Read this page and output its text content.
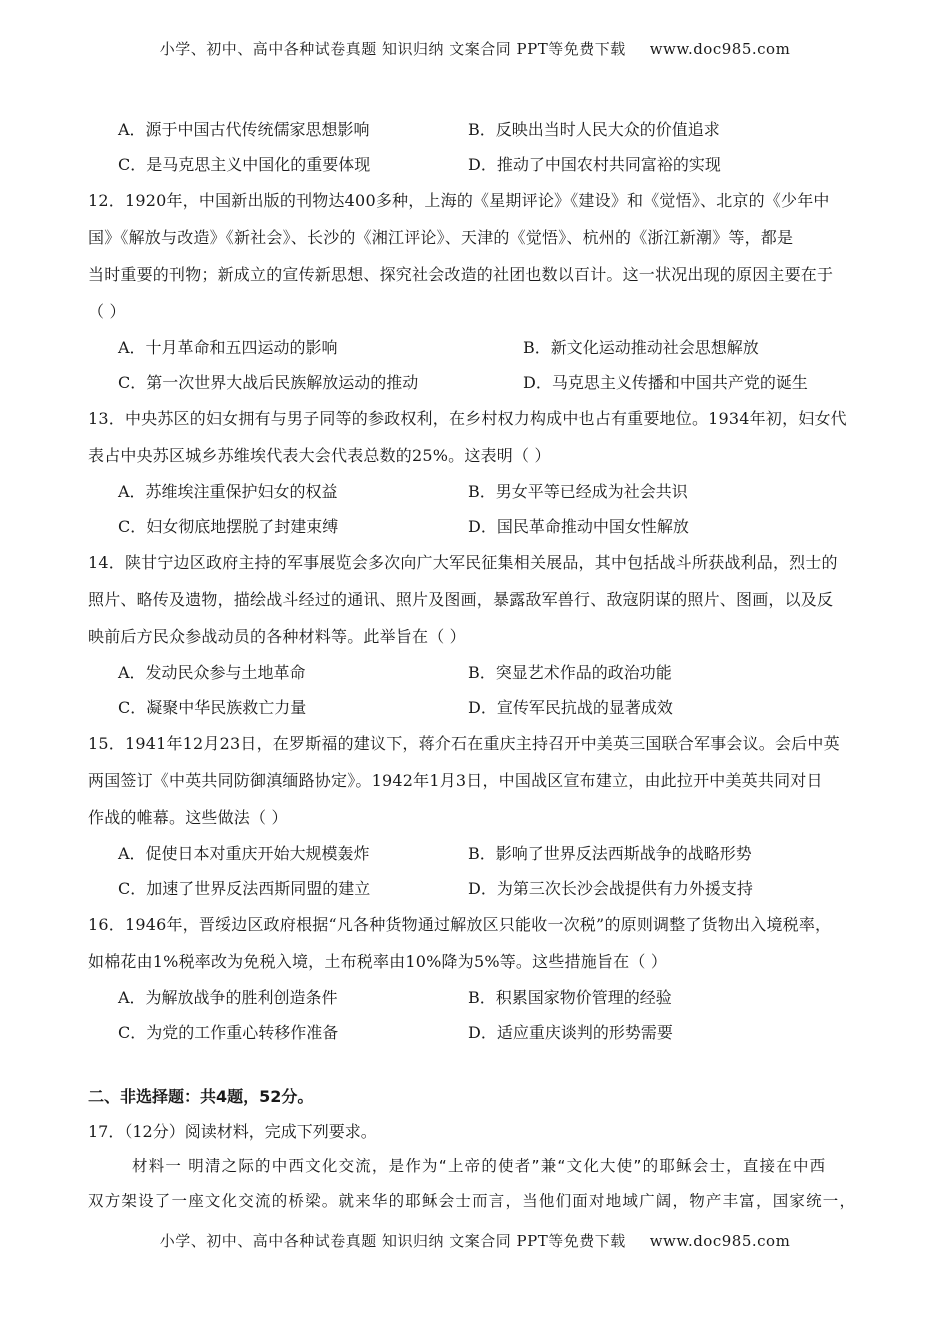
小学、初中、高中各种试卷真题 知识归纳 文案合同 PPT等免费下载 www.doc985.com
A．源于中国古代传统儒家思想影响	B．反映出当时人民大众的价值追求
C．是马克思主义中国化的重要体现	D．推动了中国农村共同富裕的实现
12．1920年，中国新出版的刊物达400多种，上海的《星期评论》《建设》和《觉悟》、北京的《少年中
国》《解放与改造》《新社会》、长沙的《湘江评论》、天津的《觉悟》、杭州的《浙江新潮》等，都是
当时重要的刊物；新成立的宣传新思想、探究社会改造的社团也数以百计。这一状况出现的原因主要在于
（ ）
A．十月革命和五四运动的影响	B．新文化运动推动社会思想解放
C．第一次世界大战后民族解放运动的推动	D．马克思主义传播和中国共产党的诞生
13．中央苏区的妇女拥有与男子同等的参政权利，在乡村权力构成中也占有重要地位。1934年初，妇女代
表占中央苏区城乡苏维埃代表大会代表总数的25%。这表明（ ）
A．苏维埃注重保护妇女的权益	B．男女平等已经成为社会共识
C．妇女彻底地摆脱了封建束缚	D．国民革命推动中国女性解放
14．陕甘宁边区政府主持的军事展览会多次向广大军民征集相关展品，其中包括战斗所获战利品，烈士的
照片、略传及遗物，描绘战斗经过的通讯、照片及图画，暴露敌军兽行、敌寇阴谋的照片、图画，以及反
映前后方民众参战动员的各种材料等。此举旨在（ ）
A．发动民众参与土地革命	B．突显艺术作品的政治功能
C．凝聚中华民族救亡力量	D．宣传军民抗战的显著成效
15．1941年12月23日，在罗斯福的建议下，蒋介石在重庆主持召开中美英三国联合军事会议。会后中英
两国签订《中英共同防御滇缅路协定》。1942年1月3日，中国战区宣布建立，由此拉开中美英共同对日
作战的帷幕。这些做法（ ）
A．促使日本对重庆开始大规模轰炸	B．影响了世界反法西斯战争的战略形势
C．加速了世界反法西斯同盟的建立	D．为第三次长沙会战提供有力外援支持
16．1946年，晋绥边区政府根据“凡各种货物通过解放区只能收一次税”的原则调整了货物出入境税率，
如棉花由1%税率改为免税入境，土布税率由10%降为5%等。这些措施旨在（ ）
A．为解放战争的胜利创造条件	B．积累国家物价管理的经验
C．为党的工作重心转移作准备	D．适应重庆谈判的形势需要
二、非选择题：共4题，52分。
17．（12分）阅读材料，完成下列要求。
材料一 明清之际的中西文化交流，是作为“上帝的使者”兼“文化大使”的耶稣会士，直接在中西
双方架设了一座文化交流的桥梁。就来华的耶稣会士而言，当他们面对地域广阔，物产丰富，国家统一，
小学、初中、高中各种试卷真题 知识归纳 文案合同 PPT等免费下载 www.doc985.com
